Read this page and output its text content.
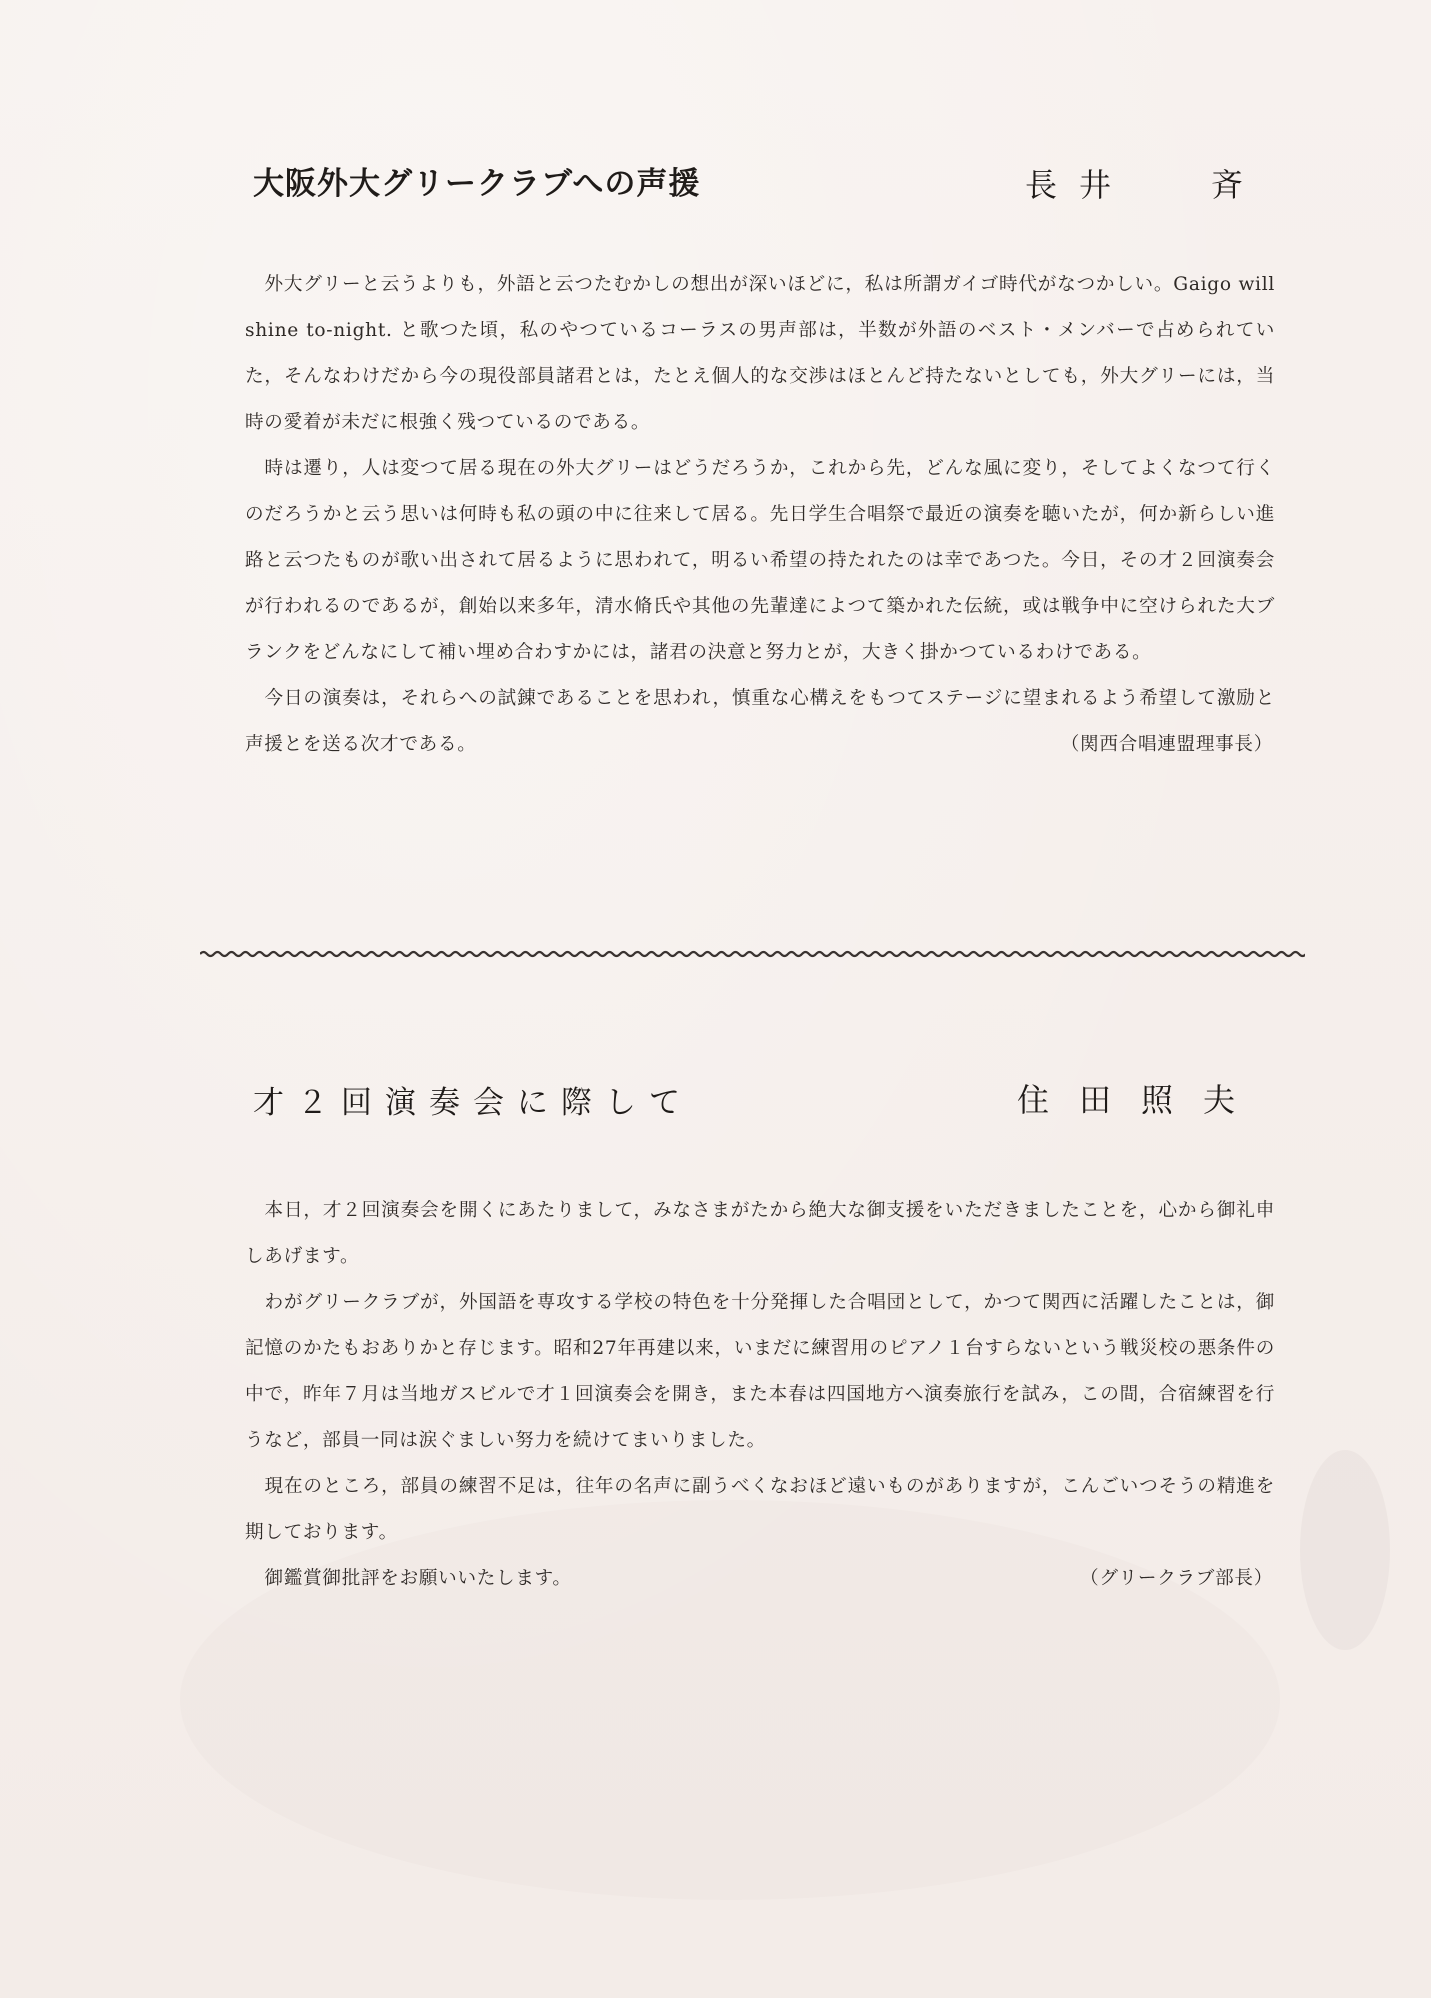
大阪外大グリークラブへの声援	長井 斉

外大グリーと云うよりも，外語と云つたむかしの想出が深いほどに，私は所謂ガイゴ時代がなつかしい。Gaigo will shine to-night. と歌つた頃，私のやつているコーラスの男声部は，半数が外語のベスト・メンバーで占められていた，そんなわけだから今の現役部員諸君とは，たとえ個人的な交渉はほとんど持たないとしても，外大グリーには，当時の愛着が未だに根強く残つているのである。

時は遷り，人は変つて居る現在の外大グリーはどうだろうか，これから先，どんな風に変り，そしてよくなつて行くのだろうかと云う思いは何時も私の頭の中に往来して居る。先日学生合唱祭で最近の演奏を聴いたが，何か新らしい進路と云つたものが歌い出されて居るように思われて，明るい希望の持たれたのは幸であつた。今日，その才２回演奏会が行われるのであるが，創始以来多年，清水脩氏や其他の先輩達によつて築かれた伝統，或は戦争中に空けられた大ブランクをどんなにして補い埋め合わすかには，諸君の決意と努力とが，大きく掛かつているわけである。

今日の演奏は，それらへの試錬であることを思われ，慎重な心構えをもつてステージに望まれるよう希望して激励と声援とを送る次才である。	（関西合唱連盟理事長）
才２回演奏会に際して	住田照夫

本日，才２回演奏会を開くにあたりまして，みなさまがたから絶大な御支援をいただきましたことを，心から御礼申しあげます。

わがグリークラブが，外国語を専攻する学校の特色を十分発揮した合唱団として，かつて関西に活躍したことは，御記憶のかたもおありかと存じます。昭和27年再建以来，いまだに練習用のピアノ１台すらないという戦災校の悪条件の中で，昨年７月は当地ガスビルで才１回演奏会を開き，また本春は四国地方へ演奏旅行を試み，この間，合宿練習を行うなど，部員一同は涙ぐましい努力を続けてまいりました。

現在のところ，部員の練習不足は，往年の名声に副うべくなおほど遠いものがありますが，こんごいつそうの精進を期しております。

御鑑賞御批評をお願いいたします。	（グリークラブ部長）
